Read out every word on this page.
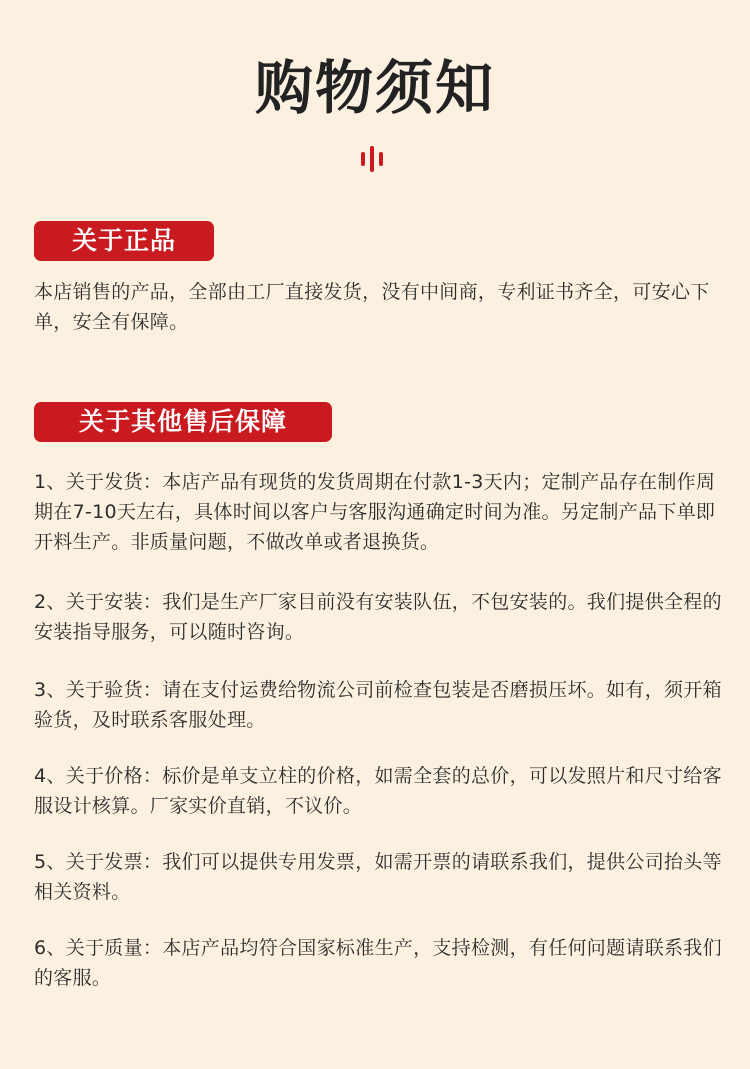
购物须知
关于正品
本店销售的产品，全部由工厂直接发货，没有中间商，专利证书齐全，可安心下单，安全有保障。
关于其他售后保障
1、关于发货：本店产品有现货的发货周期在付款1-3天内；定制产品存在制作周期在7-10天左右，具体时间以客户与客服沟通确定时间为准。另定制产品下单即开料生产。非质量问题，不做改单或者退换货。
2、关于安装：我们是生产厂家目前没有安装队伍，不包安装的。我们提供全程的安装指导服务，可以随时咨询。
3、关于验货：请在支付运费给物流公司前检查包装是否磨损压坏。如有，须开箱验货，及时联系客服处理。
4、关于价格：标价是单支立柱的价格，如需全套的总价，可以发照片和尺寸给客服设计核算。厂家实价直销，不议价。
5、关于发票：我们可以提供专用发票，如需开票的请联系我们，提供公司抬头等相关资料。
6、关于质量：本店产品均符合国家标准生产，支持检测，有任何问题请联系我们的客服。
